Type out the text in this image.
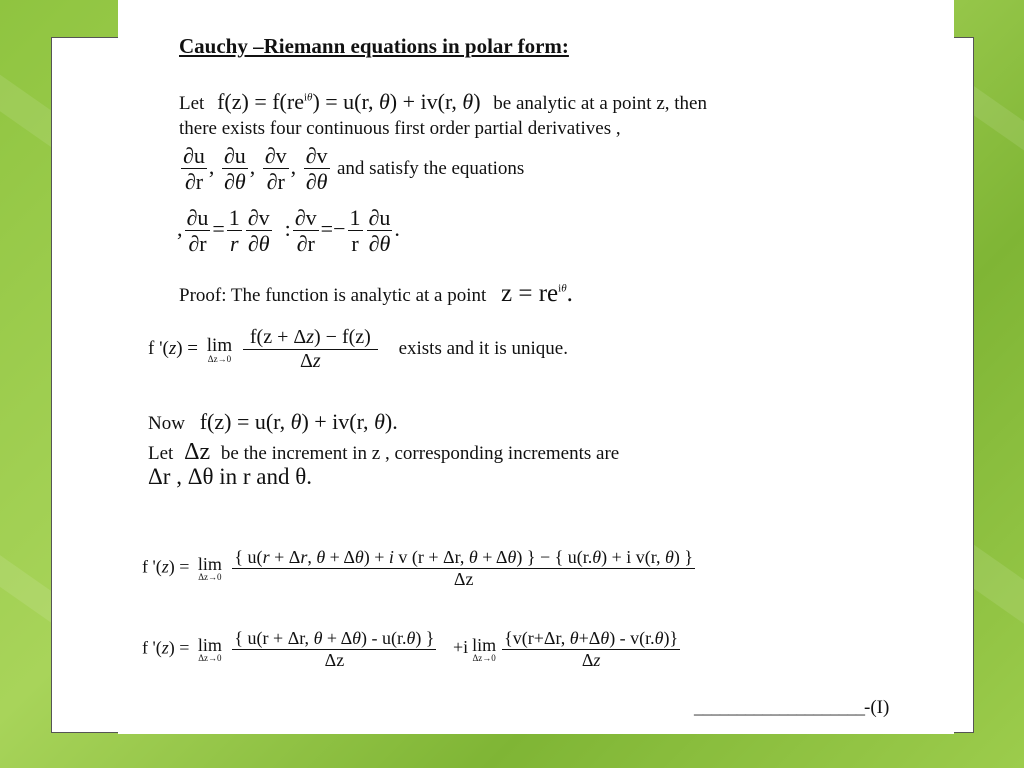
Cauchy –Riemann equations in polar form:
Let $f(z) = f(re^{i\theta}) = u(r$, θ) + iv(r, θ) be analytic at a point z, then
there exists four continuous first order partial derivatives ,
$\frac{\partial u}{\partial r}$ , $\frac{\partial u}{\partial\theta}$ , $\frac{\partial v}{\partial r}$ , $\frac{\partial v}{\partial\theta}$ and satisfy the equations
, $\frac{\partial u}{\partial r} = \frac{1}{r} \frac{\partial v}{\partial\theta}$ : $\frac{\partial v}{\partial r} =- \frac{1}{r} \frac{\partial u}{\partial\theta}$ .
Proof: The function is analytic at a point $z = re^{i\theta}$.
f '(z) = lim
Δz→0
$\frac{f(z + \Delta z) - f(z)}{\Delta z}$ exists and it is unique.
Now f(z) = u(r, θ) + iv(r, θ).
Let Δz be the increment in z , corresponding increments are
Δr , Δθ in r and θ.
f '(z) = lim
Δz→0

{ u(r + Δr, θ + Δθ) + i v (r + Δr, θ + Δθ) } − { u(r.θ) + i v(r, θ) }
Δz
f '(z) = lim
Δz→0
$\frac{\{ u(r + \Delta r, \theta + \Delta\theta) - u(r.\theta) \}}{\Delta z} +i$ lim
$\Delta z\to 0 \frac{\{v(r+\Delta r, \theta+\Delta\theta) - v(r.\theta)\}}{\Delta z}$
____________________-(I)
